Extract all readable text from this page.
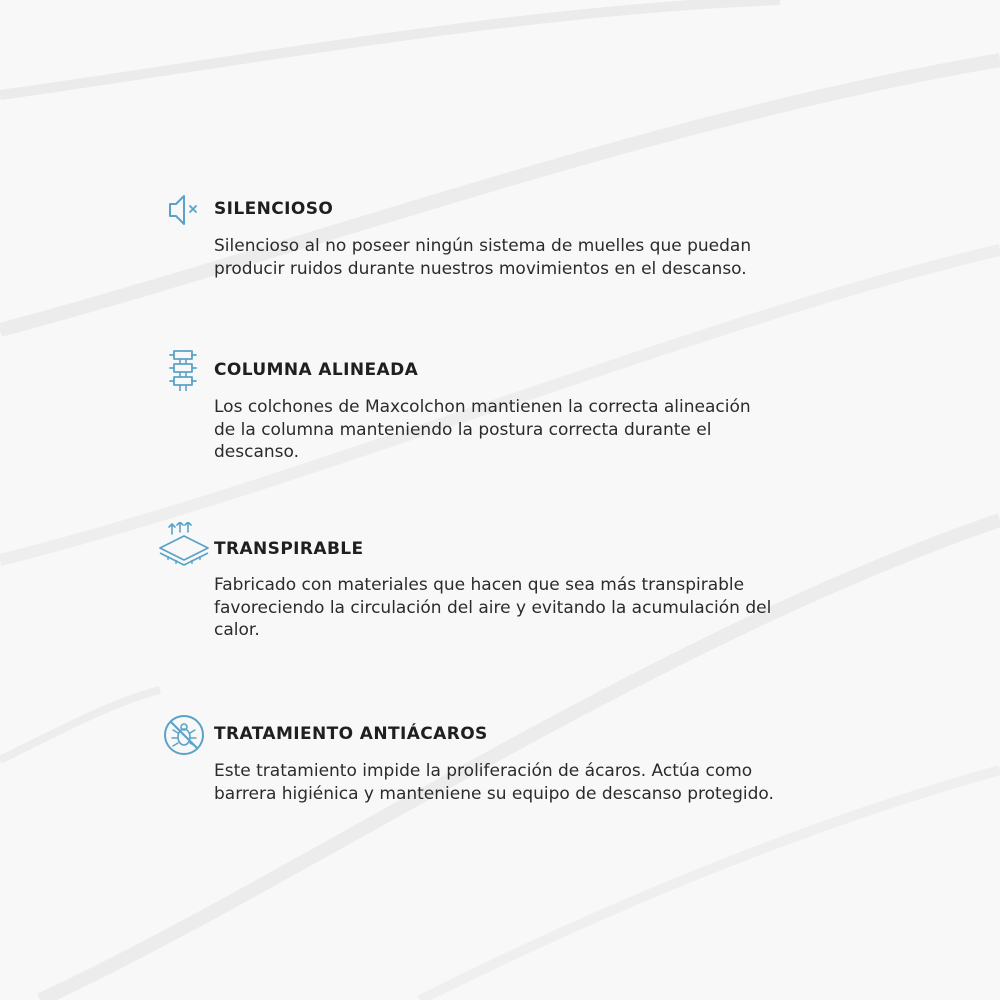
SILENCIOSO

Silencioso al no poseer ningún sistema de muelles que puedan
producir ruidos durante nuestros movimientos en el descanso.

COLUMNA ALINEADA

Los colchones de Maxcolchon mantienen la correcta alineación
de la columna manteniendo la postura correcta durante el
descanso.

TRANSPIRABLE

Fabricado con materiales que hacen que sea más transpirable
favoreciendo la circulación del aire y evitando la acumulación del
calor.

TRATAMIENTO ANTIÁCAROS

Este tratamiento impide la proliferación de ácaros. Actúa como
barrera higiénica y manteniene su equipo de descanso protegido.
